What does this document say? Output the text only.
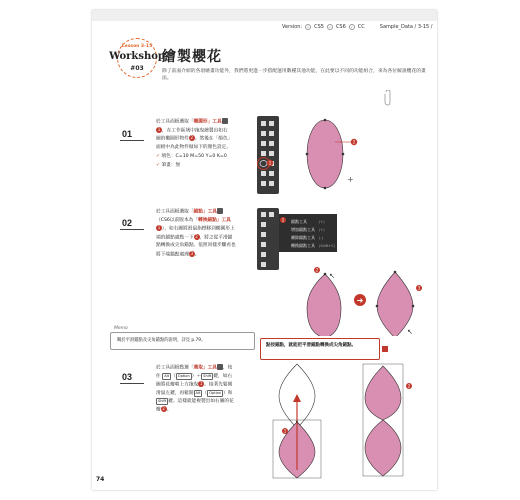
Version:	✓ CS5	✓ CS6	✓ CC	Sample_Data / 3-15 /
Lesson 3-15
Workshop
#03
繪製櫻花
除了前面介紹的各項繪畫功能外，我們將更進一步搭配運用數種其他功能，在此要以不同的功能組合，來為各位解說櫻花的畫法。
01
於工具面板選取「橢圓形」工具1 ，在工作區域中拖曳繪製出如右圖的橢圓形物件 2 。然後在「顏色」面板中為此物件做如下的顏色設定。
✓ 填色：C=10 M=50 Y=0 K=0
✓ 筆畫：無	1
2
+
02
於工具面板選取「錨點」工具（CS6以前版本為「轉換錨點」工具1 ），如右圖將滑鼠指標移到橢圓形上端的錨點處點一下 2 ，將之從平滑錨點轉換成尖角錨點。依照同樣步驟看也將下端錨點處理 3 。
錨點工具	(+)
增加錨點工具 (+)
刪除錨點工具 (-)
轉換錨點工具 (Shift+C)
1
2
↖
➜
3
↖
Memo
關於平滑錨點及尖角錨點的說明，詳見 p.79。
點按錨點，就能把平滑錨點轉換成尖角錨點。
03
於工具面板點選「選取」工具 ，按住 Alt （ Option ）＋ Shift 鍵，如右圖將花瓣朝上方拖曳 1 。接著先鬆開滑鼠左鍵，再鬆開 Alt （ Option ）和Shift 鍵。這樣就能複製出如右圖的花瓣 2 。
↖
1
2
74
